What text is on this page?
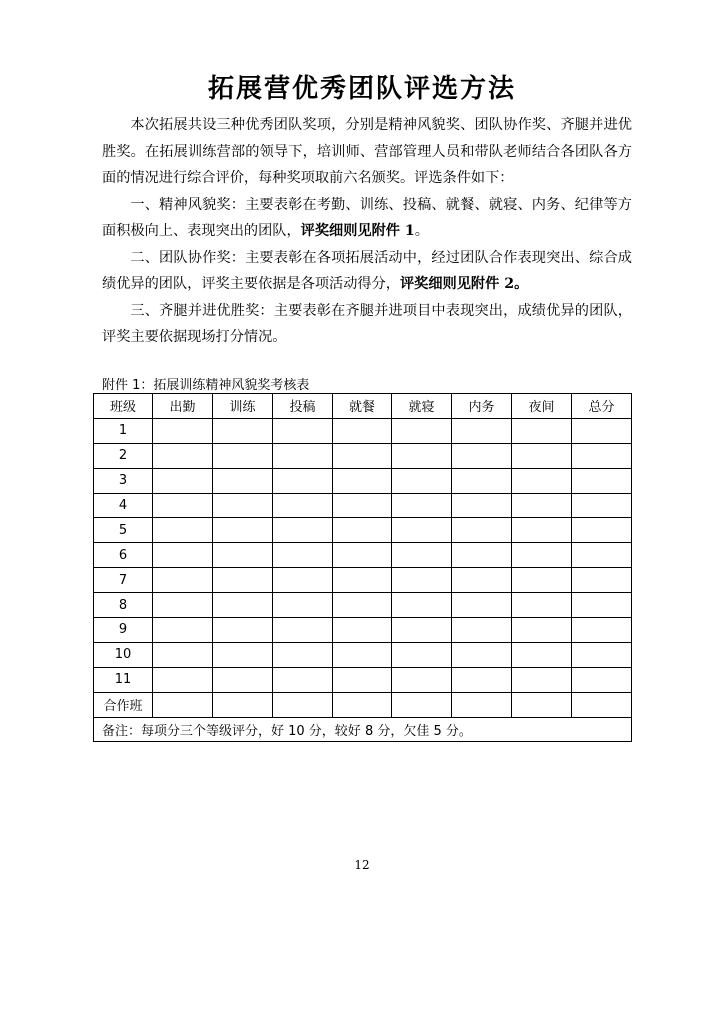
拓展营优秀团队评选方法

本次拓展共设三种优秀团队奖项，分别是精神风貌奖、团队协作奖、齐腿并进优胜奖。在拓展训练营部的领导下，培训师、营部管理人员和带队老师结合各团队各方面的情况进行综合评价，每种奖项取前六名颁奖。评选条件如下：

一、精神风貌奖：主要表彰在考勤、训练、投稿、就餐、就寝、内务、纪律等方面积极向上、表现突出的团队，评奖细则见附件 1。

二、团队协作奖：主要表彰在各项拓展活动中，经过团队合作表现突出、综合成绩优异的团队，评奖主要依据是各项活动得分，评奖细则见附件 2。

三、齐腿并进优胜奖：主要表彰在齐腿并进项目中表现突出，成绩优异的团队，评奖主要依据现场打分情况。

附件 1：拓展训练精神风貌奖考核表
班级	出勤	训练	投稿	就餐	就寝	内务	夜间	总分
1								
2								
3								
4								
5								
6								
7								
8								
9								
10								
11								
合作班								
备注：每项分三个等级评分，好 10 分，较好 8 分，欠佳 5 分。								
12
